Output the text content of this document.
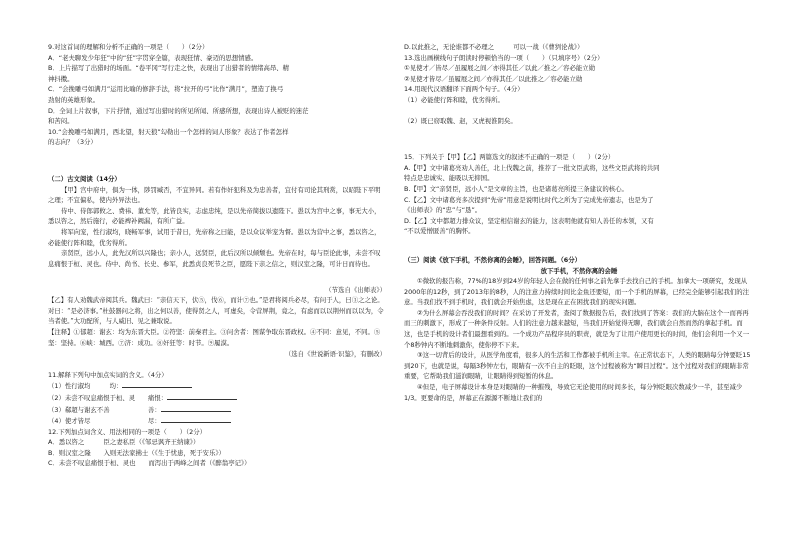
9.对这首词的理解和分析不正确的一项是（　　）（2分）
A．“老夫聊发少年狂”中的“狂”字贯穿全篇，表现狂情、豪迈的思想情感。
B．上片描写了出猎时的场面。“卷平冈”写行走之快，表现出了出猎者的情绪高昂、精
神抖擞。
C．“会挽雕弓如满月”运用比喻的修辞手法，将“拉开的弓”比作“满月”，塑造了换弓
劲射的英雄形象。
D．全词上片叙事，下片抒情，通过写出猎时的所见所闻、所感所想，表现出诗人被贬的迷茫
和苦闷。
10.“会挽雕弓如满月，西北望，射天狼”勾勒出一个怎样的词人形象？表达了作者怎样
的志向？（3分）
（二）古文阅读（14分）
【甲】宫中府中，俱为一体，陟罚臧否，不宜异同。若有作奸犯科及为忠善者，宜付有司论其刑赏，以昭陛下平明之理；不宜偏私，使内外异法也。
侍中、侍郎郭攸之、费祎、董允等，此皆良实，志虑忠纯，是以先帝简拔以遗陛下。愚以为宫中之事，事无大小，悉以咨之，然后施行，必能裨补阙漏，有所广益。
将军向宠，性行淑均，晓畅军事，试用于昔日，先帝称之曰能，是以众议举宠为督。愚以为营中之事，悉以咨之，必能使行阵和睦，优劣得所。
亲贤臣，远小人，此先汉所以兴隆也；亲小人，远贤臣，此后汉所以倾颓也。先帝在时，每与臣论此事，未尝不叹息痛恨于桓、灵也。侍中、尚书、长史、参军，此悉贞良死节之臣，愿陛下亲之信之，则汉室之隆，可计日而待也。
（节选自《出师表》）
【乙】有人劝魏武帝阅其兵。魏武曰：“亲信天下，伏⑤，伐⑥，而计⑦也。”是君将阅兵必尽，有问于人，曰③之之论。对曰：“是必济事。”杜鼓器问之将，出之何以善，使得贤之人，可虚矣，令营屏荆，竟之，有虑而以以荆州而以以为，令当者使。”大功配所，与人威旧、见之兼取说。
【注释】①郁超：谢玄：均为东晋大臣。②符坚：前秦君主。③问舍者：图谋争取东晋政权。④不同：意见，不同。⑤坚：坚持。⑥峡：城西。⑦济：成功。⑧奸狂等：时节。⑨履漠。
（选自《世说新语·识鉴》，有删改）
11.解释下列句中加点实词的含义。（4分）
（1）性行淑均　　　均：
（2）未尝不叹息痛恨于桓、灵　　痛恨：
（3）郗超与谢玄不善　　　　　　善：
（4）使才皆尽　　　　　　　　　尽：
12.下列加点词含义、用法相同的一项是（　　）（2分）
A．悉以咨之　　　臣之妻私臣（《邹忌讽齐王纳谏》）
B．则汉室之隆　　入则无法家拂士（《生于忧患，死于安乐》）
C．未尝不叹息痛恨于桓、灵也　　而泻出于两峰之间者（《醉翁亭记》）
D.以此推之，无论谁都不必理之　　　可以一战（《曹刿论战》）
13.选出画横线句子朗读时停顿恰当的一项（　　）（只填序号）（2分）
①见使才／皆尽／虽履屐之间／亦得其任／以此／推之／容必能立勋
②见使才皆尽／虽履屐之间／亦得其任／以此推之／容必能立勋
14.用现代汉语翻译下面两个句子。（4分）
（1）必能使行阵和睦，优劣得所。
（2）既已窃取魏、赵，又虎视淮阴矣。
15．下列关于【甲】【乙】两篇选文的叙述不正确的一项是（　　）（2分）
A.【甲】文中诸葛亮劝人善任，北上伐魏之前，推荐了一批文臣武将，这些文臣武将的共同
特点是忠诚实、能吸以无抑国。
B.【甲】文“亲贤臣，远小人”是文章的主旨，也是诸葛亮所提三条建议的核心。
C.【乙】文中诸葛亮多次提到“先帝”用意是说明比时代之所为了完成先帝遗志，也是为了
《出师表》的“忠”与“恳”。
D.【乙】文中都超力排众议，坚定相信谢玄的能力，这表明他就有知人善任的本领，又有
“不以爱憎匿善”的胸怀。
（三）阅读《放下手机，不然你离的会睡》，回答问题。（6分）
放下手机，不然你离的会睡
①微软的报告称，77%的18岁到24岁的年轻人会在做的任何事之前先拿手去找自己的手机。加拿大一项研究，发现从2000年的12秒，到了2013年的8秒，人的注意力持续时间比金鱼还要短，而一个手机的屏幕，已经完全能够引起我们的注意。当我们找不到手机时，我们就会开始焦虑，这是现在正在困扰我们的现实问题。
②为什么屏幕会吞没我们的时间？在采访了开发者，查阅了数据报告后，我们找到了答案：我们的大脑在这个一而再再而三的刺激下，形成了一种条件反射。人们的注意力越来越短，当我们开始觉得无聊，我们就会自然而然的拿起手机。而这，也是手机的设计者们最想看到的。一个成功产品程序员的职责，就是为了让用户使用更长的时间，他们会利用一个又一个8秒钟内不断地刺激你，使你停不下来。
③这一切背后的设计，从医学角度看，很多人的生活和工作都被手机所主宰。在正常状态下，人类的眼睛每分钟要眨15到20下，也就是说，每隔3秒钟左右，眼睛有一次不自主的眨眼，这个过程被称为“瞬目过程”。这个过程对我们的眼睛非常重要，它帮助我们滋润眼睛，让眼睛得到短暂的休息。
④但是，电子屏幕设计本身是对眼睛的一种摧残，导致它无论使用的时间多长，每分钟眨眼次数减少一半，甚至减少1/3。更要命的是，屏幕正在源源不断地让我们的
